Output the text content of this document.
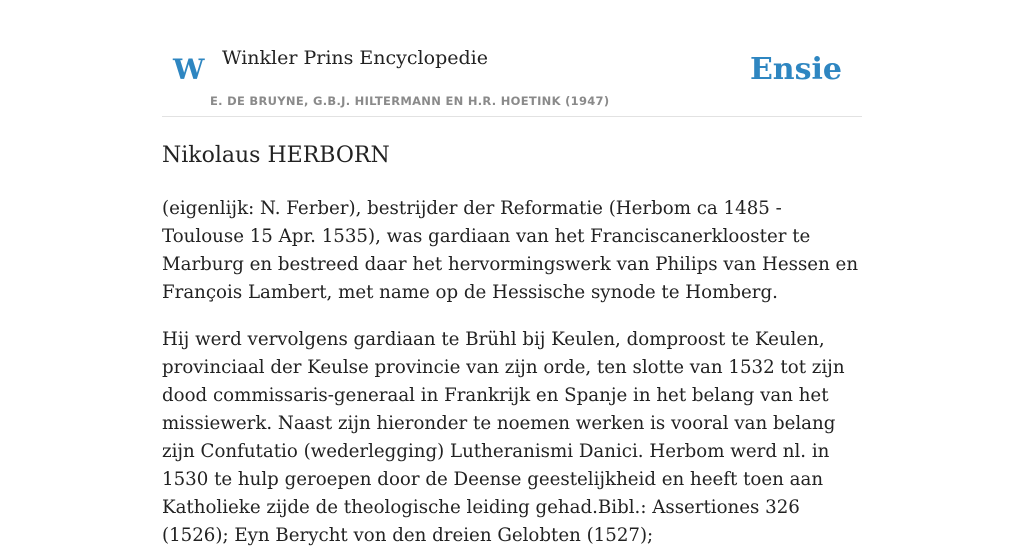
W Winkler Prins Encyclopedie
E. DE BRUYNE, G.B.J. HILTERMANN EN H.R. HOETINK (1947)
Ensie
Nikolaus HERBORN

(eigenlijk: N. Ferber), bestrijder der Reformatie (Herbom ca 1485 - Toulouse 15 Apr. 1535), was gardiaan van het Franciscanerklooster te Marburg en bestreed daar het hervormingswerk van Philips van Hessen en François Lambert, met name op de Hessische synode te Homberg.

Hij werd vervolgens gardiaan te Brühl bij Keulen, domproost te Keulen, provinciaal der Keulse provincie van zijn orde, ten slotte van 1532 tot zijn dood commissaris-generaal in Frankrijk en Spanje in het belang van het missiewerk. Naast zijn hieronder te noemen werken is vooral van belang zijn Confutatio (wederlegging) Lutheranismi Danici. Herbom werd nl. in 1530 te hulp geroepen door de Deense geestelijkheid en heeft toen aan Katholieke zijde de theologische leiding gehad.Bibl.: Assertiones 326 (1526); Eyn Berycht von den dreien Gelobten (1527);
